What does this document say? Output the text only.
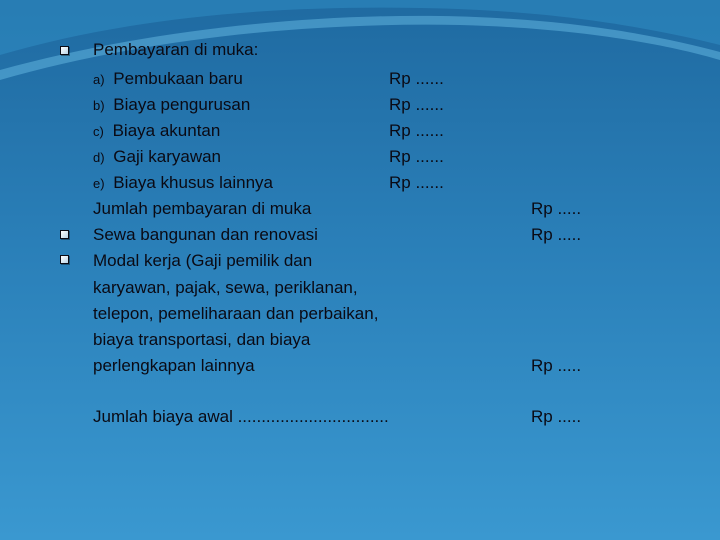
Pembayaran di muka:
a) Pembukaan baru	Rp ......
b) Biaya pengurusan	Rp ......
c) Biaya akuntan	Rp ......
d) Gaji karyawan	Rp ......
e) Biaya khusus lainnya	Rp ......
Jumlah pembayaran di muka	Rp .....
Sewa bangunan dan renovasi	Rp .....
Modal kerja (Gaji pemilik dan
karyawan, pajak, sewa, periklanan,
telepon, pemeliharaan dan perbaikan,
biaya transportasi, dan biaya
perlengkapan lainnya	Rp .....
Jumlah biaya awal ................................	Rp .....
